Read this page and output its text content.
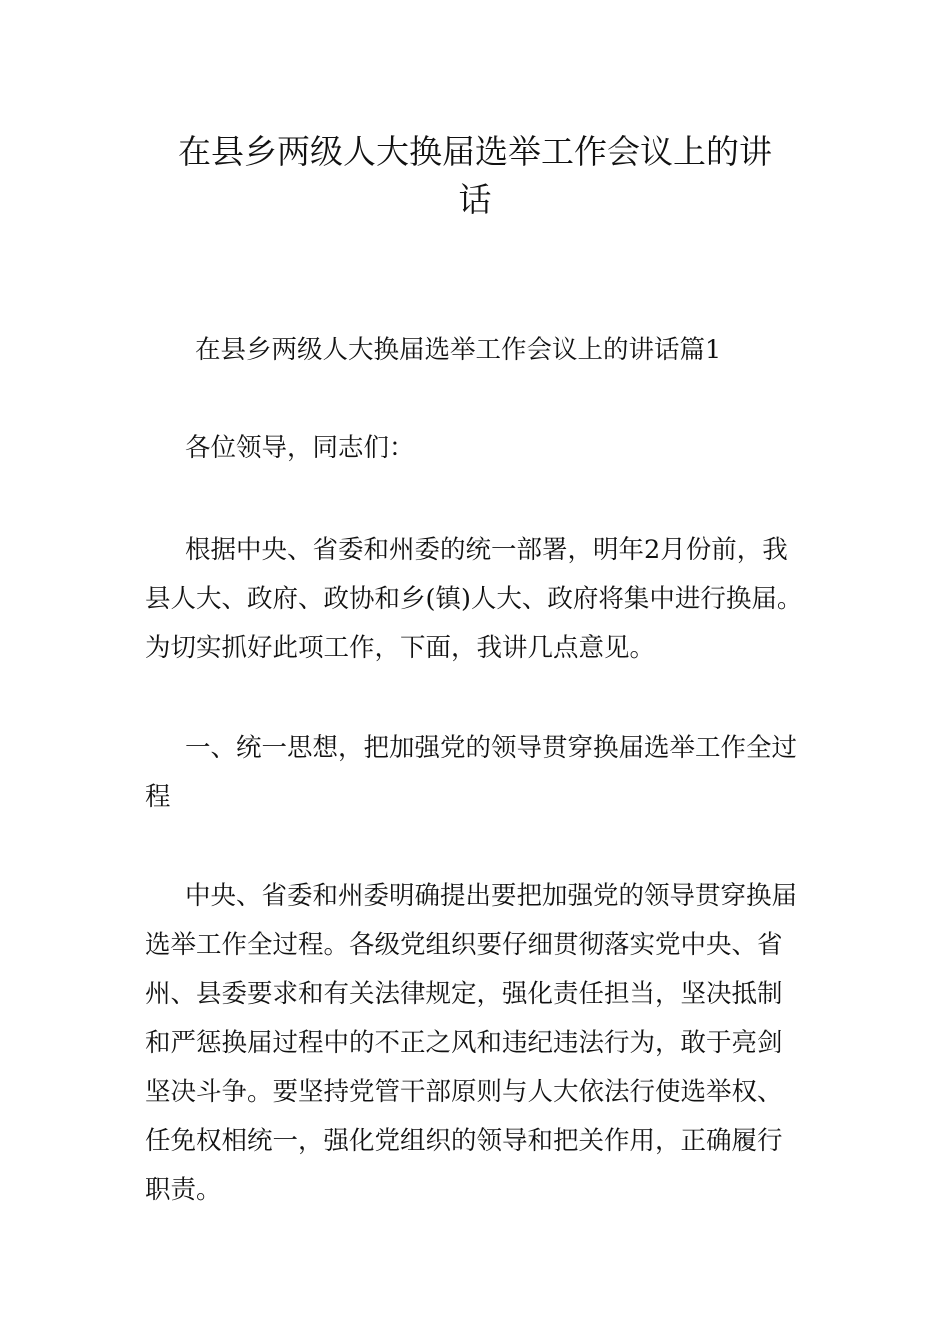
在县乡两级人大换届选举工作会议上的讲
话

在县乡两级人大换届选举工作会议上的讲话篇1

各位领导，同志们：

根据中央、省委和州委的统一部署，明年2月份前，我
县人大、政府、政协和乡(镇)人大、政府将集中进行换届。
为切实抓好此项工作，下面，我讲几点意见。

一、统一思想，把加强党的领导贯穿换届选举工作全过
程

中央、省委和州委明确提出要把加强党的领导贯穿换届
选举工作全过程。各级党组织要仔细贯彻落实党中央、省
州、县委要求和有关法律规定，强化责任担当，坚决抵制
和严惩换届过程中的不正之风和违纪违法行为，敢于亮剑
坚决斗争。要坚持党管干部原则与人大依法行使选举权、
任免权相统一，强化党组织的领导和把关作用，正确履行
职责。
